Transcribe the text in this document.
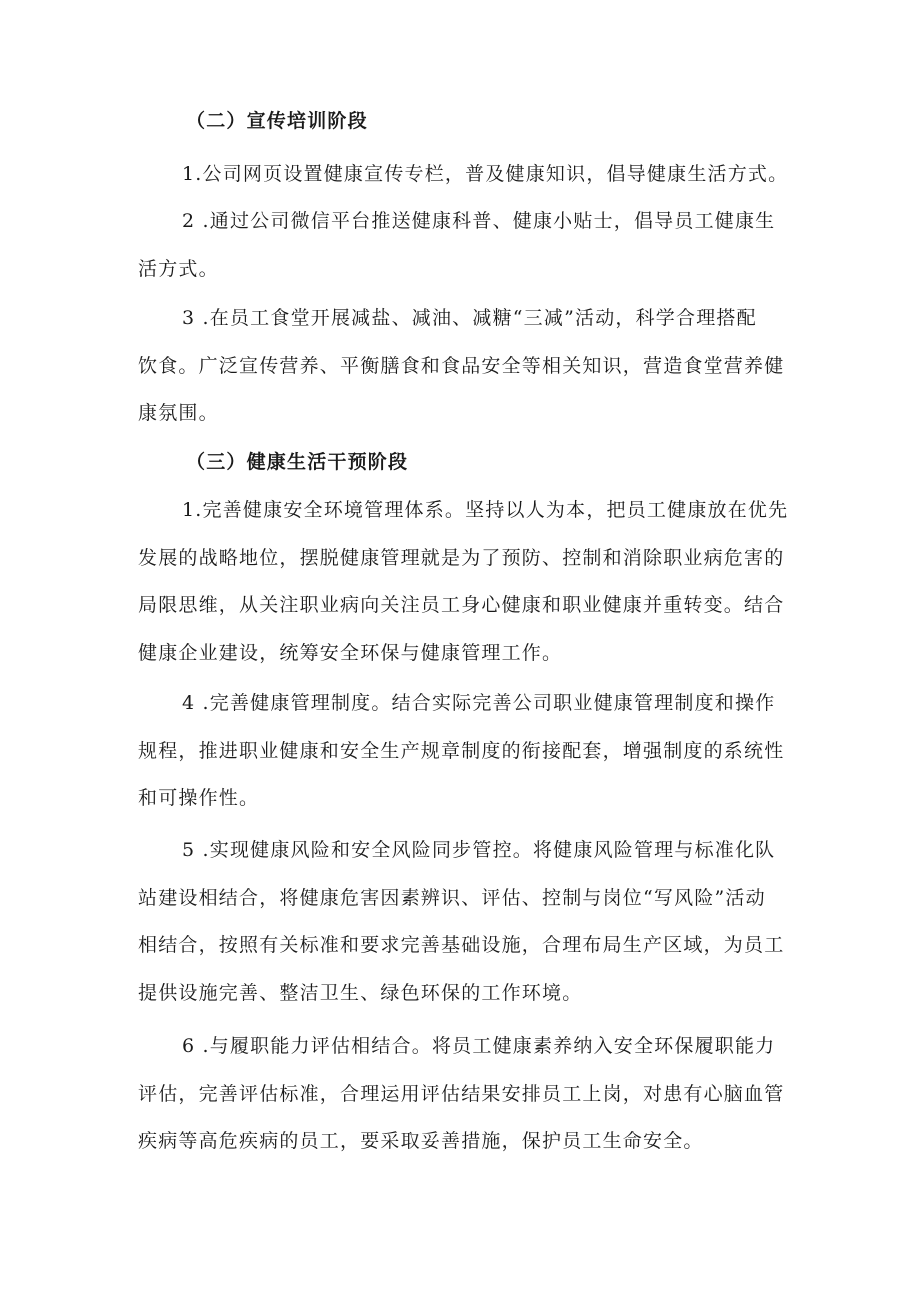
（二）宣传培训阶段

1.公司网页设置健康宣传专栏，普及健康知识，倡导健康生活方式。

2 .通过公司微信平台推送健康科普、健康小贴士，倡导员工健康生
活方式。

3 .在员工食堂开展减盐、减油、减糖“三减”活动，科学合理搭配
饮食。广泛宣传营养、平衡膳食和食品安全等相关知识，营造食堂营养健
康氛围。

（三）健康生活干预阶段

1.完善健康安全环境管理体系。坚持以人为本，把员工健康放在优先
发展的战略地位，摆脱健康管理就是为了预防、控制和消除职业病危害的
局限思维，从关注职业病向关注员工身心健康和职业健康并重转变。结合
健康企业建设，统筹安全环保与健康管理工作。

4 .完善健康管理制度。结合实际完善公司职业健康管理制度和操作
规程，推进职业健康和安全生产规章制度的衔接配套，增强制度的系统性
和可操作性。

5 .实现健康风险和安全风险同步管控。将健康风险管理与标准化队
站建设相结合，将健康危害因素辨识、评估、控制与岗位“写风险”活动
相结合，按照有关标准和要求完善基础设施，合理布局生产区域，为员工
提供设施完善、整洁卫生、绿色环保的工作环境。

6 .与履职能力评估相结合。将员工健康素养纳入安全环保履职能力
评估，完善评估标准，合理运用评估结果安排员工上岗，对患有心脑血管
疾病等高危疾病的员工，要采取妥善措施，保护员工生命安全。
